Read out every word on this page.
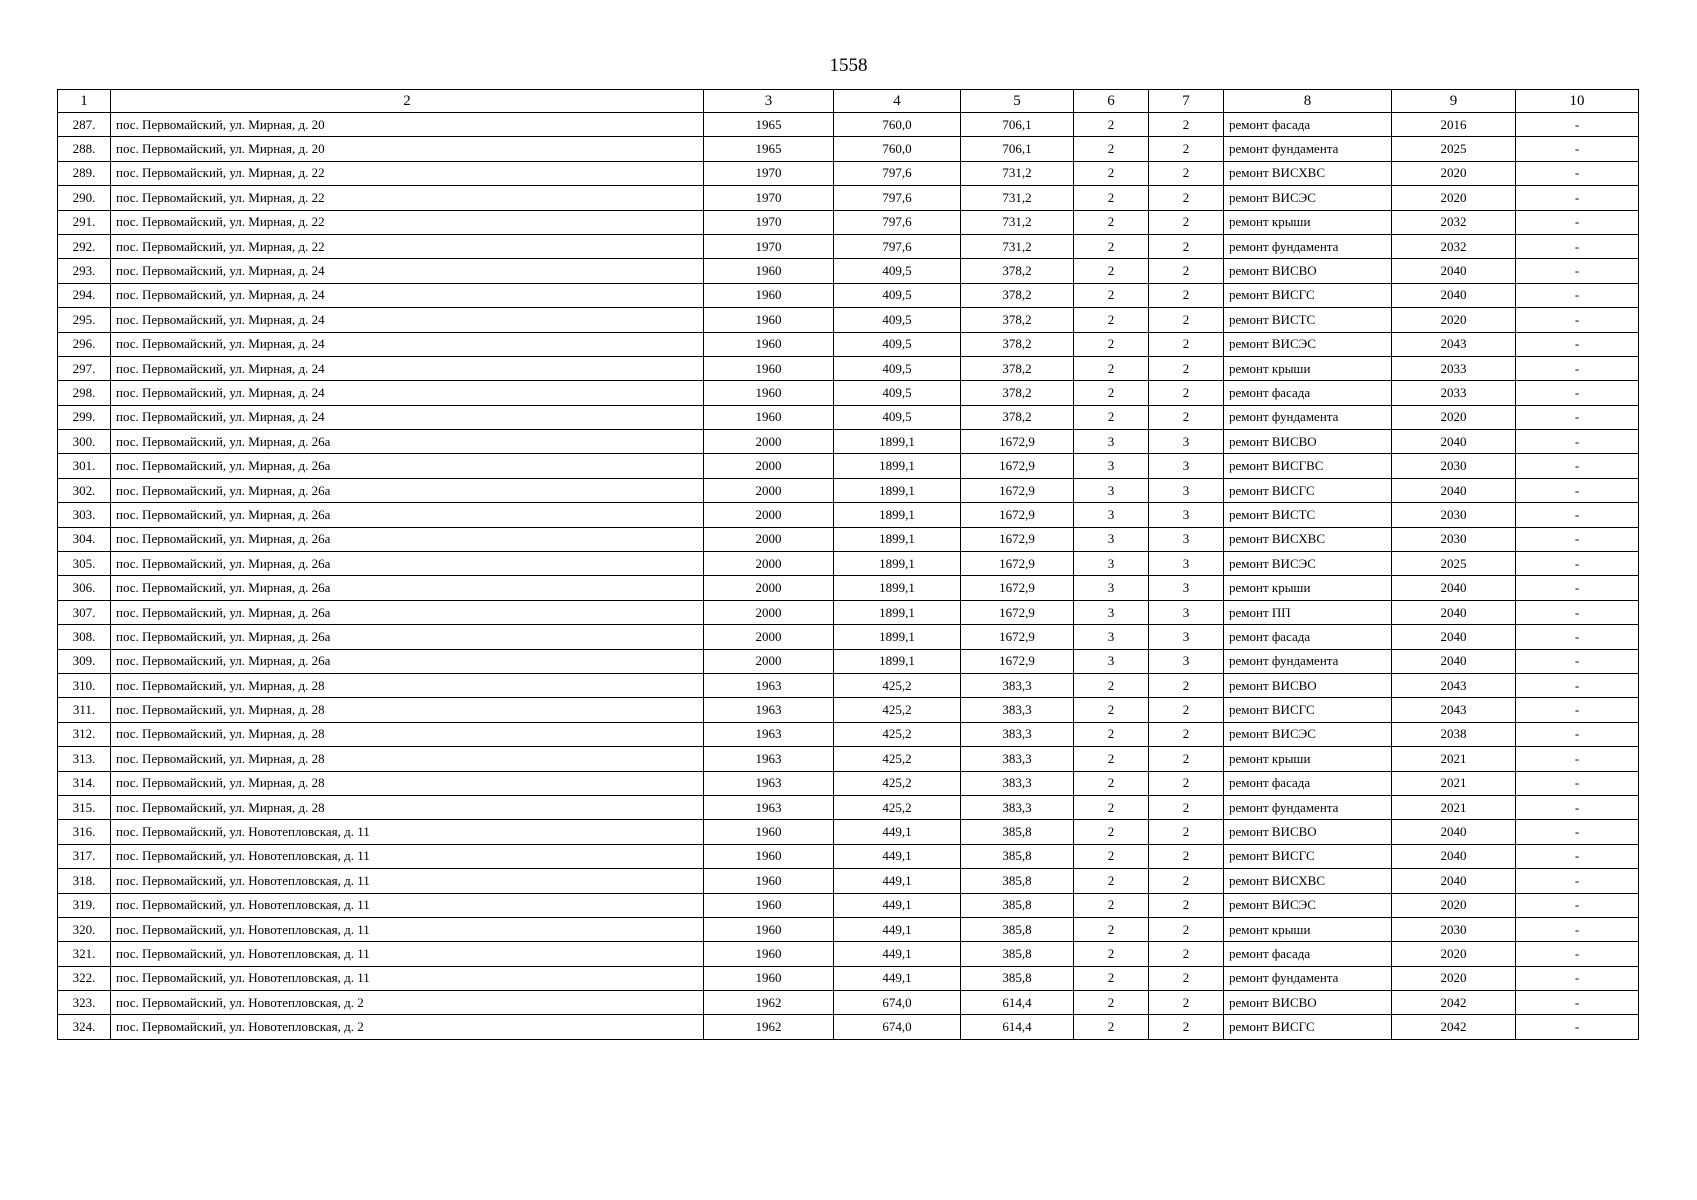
1558
1	2	3	4	5	6	7	8	9	10
287.	пос. Первомайский, ул. Мирная, д. 20	1965	760,0	706,1	2	2	ремонт фасада	2016	-
288.	пос. Первомайский, ул. Мирная, д. 20	1965	760,0	706,1	2	2	ремонт фундамента	2025	-
289.	пос. Первомайский, ул. Мирная, д. 22	1970	797,6	731,2	2	2	ремонт ВИСХВС	2020	-
290.	пос. Первомайский, ул. Мирная, д. 22	1970	797,6	731,2	2	2	ремонт ВИСЭС	2020	-
291.	пос. Первомайский, ул. Мирная, д. 22	1970	797,6	731,2	2	2	ремонт крыши	2032	-
292.	пос. Первомайский, ул. Мирная, д. 22	1970	797,6	731,2	2	2	ремонт фундамента	2032	-
293.	пос. Первомайский, ул. Мирная, д. 24	1960	409,5	378,2	2	2	ремонт ВИСВО	2040	-
294.	пос. Первомайский, ул. Мирная, д. 24	1960	409,5	378,2	2	2	ремонт ВИСГС	2040	-
295.	пос. Первомайский, ул. Мирная, д. 24	1960	409,5	378,2	2	2	ремонт ВИСТС	2020	-
296.	пос. Первомайский, ул. Мирная, д. 24	1960	409,5	378,2	2	2	ремонт ВИСЭС	2043	-
297.	пос. Первомайский, ул. Мирная, д. 24	1960	409,5	378,2	2	2	ремонт крыши	2033	-
298.	пос. Первомайский, ул. Мирная, д. 24	1960	409,5	378,2	2	2	ремонт фасада	2033	-
299.	пос. Первомайский, ул. Мирная, д. 24	1960	409,5	378,2	2	2	ремонт фундамента	2020	-
300.	пос. Первомайский, ул. Мирная, д. 26а	2000	1899,1	1672,9	3	3	ремонт ВИСВО	2040	-
301.	пос. Первомайский, ул. Мирная, д. 26а	2000	1899,1	1672,9	3	3	ремонт ВИСГВС	2030	-
302.	пос. Первомайский, ул. Мирная, д. 26а	2000	1899,1	1672,9	3	3	ремонт ВИСГС	2040	-
303.	пос. Первомайский, ул. Мирная, д. 26а	2000	1899,1	1672,9	3	3	ремонт ВИСТС	2030	-
304.	пос. Первомайский, ул. Мирная, д. 26а	2000	1899,1	1672,9	3	3	ремонт ВИСХВС	2030	-
305.	пос. Первомайский, ул. Мирная, д. 26а	2000	1899,1	1672,9	3	3	ремонт ВИСЭС	2025	-
306.	пос. Первомайский, ул. Мирная, д. 26а	2000	1899,1	1672,9	3	3	ремонт крыши	2040	-
307.	пос. Первомайский, ул. Мирная, д. 26а	2000	1899,1	1672,9	3	3	ремонт ПП	2040	-
308.	пос. Первомайский, ул. Мирная, д. 26а	2000	1899,1	1672,9	3	3	ремонт фасада	2040	-
309.	пос. Первомайский, ул. Мирная, д. 26а	2000	1899,1	1672,9	3	3	ремонт фундамента	2040	-
310.	пос. Первомайский, ул. Мирная, д. 28	1963	425,2	383,3	2	2	ремонт ВИСВО	2043	-
311.	пос. Первомайский, ул. Мирная, д. 28	1963	425,2	383,3	2	2	ремонт ВИСГС	2043	-
312.	пос. Первомайский, ул. Мирная, д. 28	1963	425,2	383,3	2	2	ремонт ВИСЭС	2038	-
313.	пос. Первомайский, ул. Мирная, д. 28	1963	425,2	383,3	2	2	ремонт крыши	2021	-
314.	пос. Первомайский, ул. Мирная, д. 28	1963	425,2	383,3	2	2	ремонт фасада	2021	-
315.	пос. Первомайский, ул. Мирная, д. 28	1963	425,2	383,3	2	2	ремонт фундамента	2021	-
316.	пос. Первомайский, ул. Новотепловская, д. 11	1960	449,1	385,8	2	2	ремонт ВИСВО	2040	-
317.	пос. Первомайский, ул. Новотепловская, д. 11	1960	449,1	385,8	2	2	ремонт ВИСГС	2040	-
318.	пос. Первомайский, ул. Новотепловская, д. 11	1960	449,1	385,8	2	2	ремонт ВИСХВС	2040	-
319.	пос. Первомайский, ул. Новотепловская, д. 11	1960	449,1	385,8	2	2	ремонт ВИСЭС	2020	-
320.	пос. Первомайский, ул. Новотепловская, д. 11	1960	449,1	385,8	2	2	ремонт крыши	2030	-
321.	пос. Первомайский, ул. Новотепловская, д. 11	1960	449,1	385,8	2	2	ремонт фасада	2020	-
322.	пос. Первомайский, ул. Новотепловская, д. 11	1960	449,1	385,8	2	2	ремонт фундамента	2020	-
323.	пос. Первомайский, ул. Новотепловская, д. 2	1962	674,0	614,4	2	2	ремонт ВИСВО	2042	-
324.	пос. Первомайский, ул. Новотепловская, д. 2	1962	674,0	614,4	2	2	ремонт ВИСГС	2042	-
